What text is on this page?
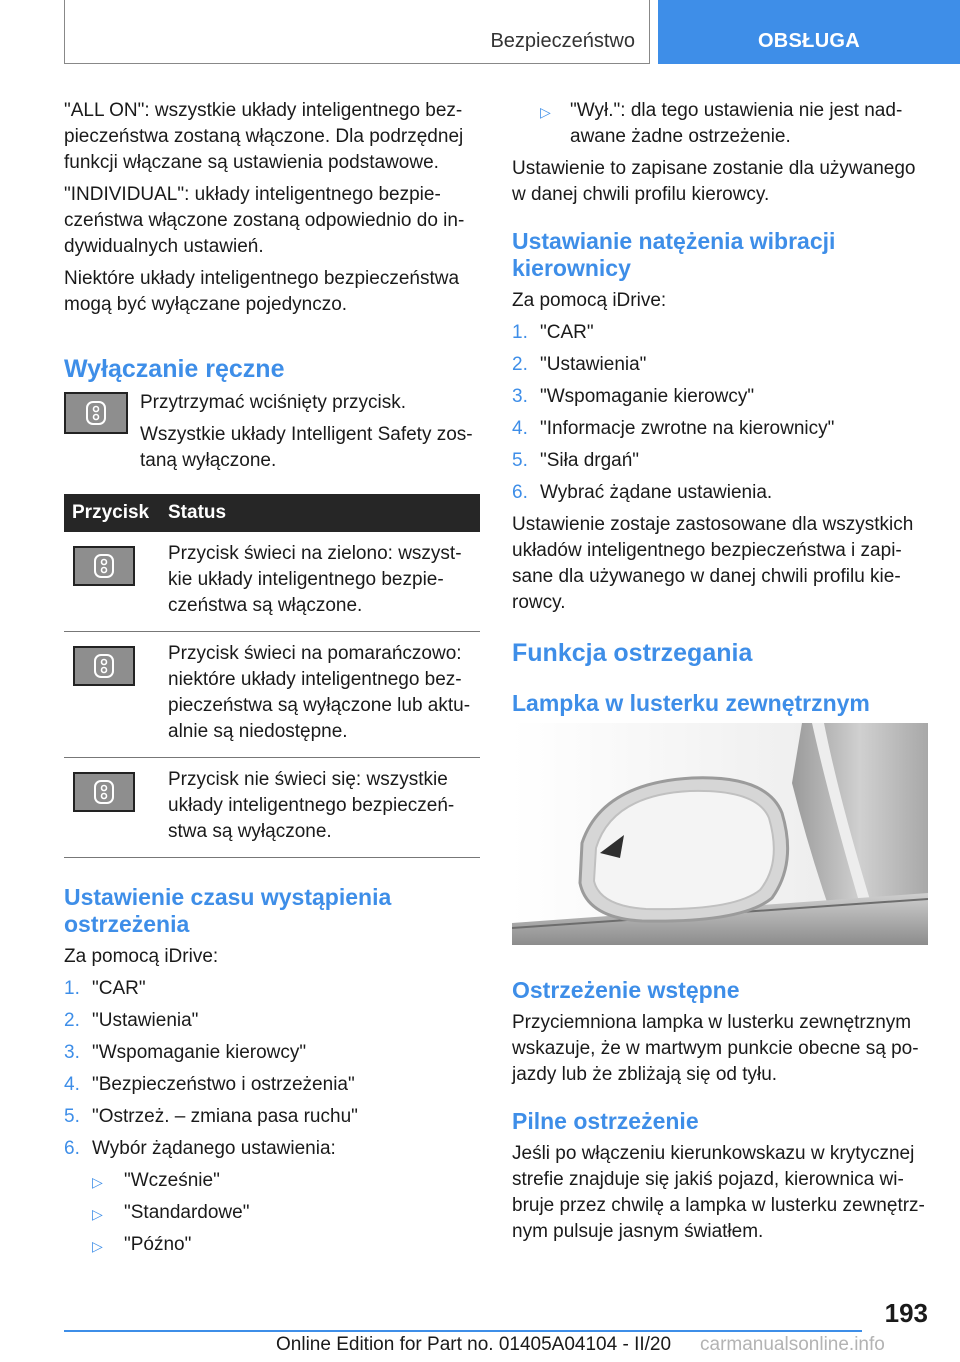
Bezpieczeństwo	OBSŁUGA

"ALL ON": wszystkie układy inteligentnego bez-pieczeństwa zostaną włączone. Dla podrzędnej funkcji włączane są ustawienia podstawowe.

"INDIVIDUAL": układy inteligentnego bezpie-czeństwa włączone zostaną odpowiednio do in-dywidualnych ustawień.

Niektóre układy inteligentnego bezpieczeństwa mogą być wyłączane pojedynczo.

Wyłączanie ręczne

Przytrzymać wciśnięty przycisk.

Wszystkie układy Intelligent Safety zos-taną wyłączone.

Przycisk	Status

	Przycisk świeci na zielono: wszyst-kie układy inteligentnego bezpie-czeństwa są włączone.

	Przycisk świeci na pomarańczowo: niektóre układy inteligentnego bez-pieczeństwa są wyłączone lub aktu-alnie są niedostępne.

	Przycisk nie świeci się: wszystkie układy inteligentnego bezpieczeń-stwa są wyłączone.
Ustawienie czasu wystąpienia ostrzeżenia

Za pomocą iDrive:

1. "CAR"
2. "Ustawienia"
3. "Wspomaganie kierowcy"
4. "Bezpieczeństwo i ostrzeżenia"
5. "Ostrzeż. – zmiana pasa ruchu"
6. Wybór żądanego ustawienia:
▷ "Wcześnie"
▷ "Standardowe"
▷ "Późno"
▷ "Wył.": dla tego ustawienia nie jest nad-awane żadne ostrzeżenie.

Ustawienie to zapisane zostanie dla używanego w danej chwili profilu kierowcy.

Ustawianie natężenia wibracji kierownicy

Za pomocą iDrive:

1. "CAR"
2. "Ustawienia"
3. "Wspomaganie kierowcy"
4. "Informacje zwrotne na kierownicy"
5. "Siła drgań"
6. Wybrać żądane ustawienia.

Ustawienie zostaje zastosowane dla wszystkich układów inteligentnego bezpieczeństwa i zapi-sane dla używanego w danej chwili profilu kie-rowcy.

Funkcja ostrzegania
Lampka w lusterku zewnętrznym
Ostrzeżenie wstępne

Przyciemniona lampka w lusterku zewnętrznym wskazuje, że w martwym punkcie obecne są po-jazdy lub że zbliżają się od tyłu.

Pilne ostrzeżenie

Jeśli po włączeniu kierunkowskazu w krytycznej strefie znajduje się jakiś pojazd, kierownica wi-bruje przez chwilę a lampka w lusterku zewnętrz-nym pulsuje jasnym światłem.

193
Online Edition for Part no. 01405A04104 - II/20 carmanualsonline.info
